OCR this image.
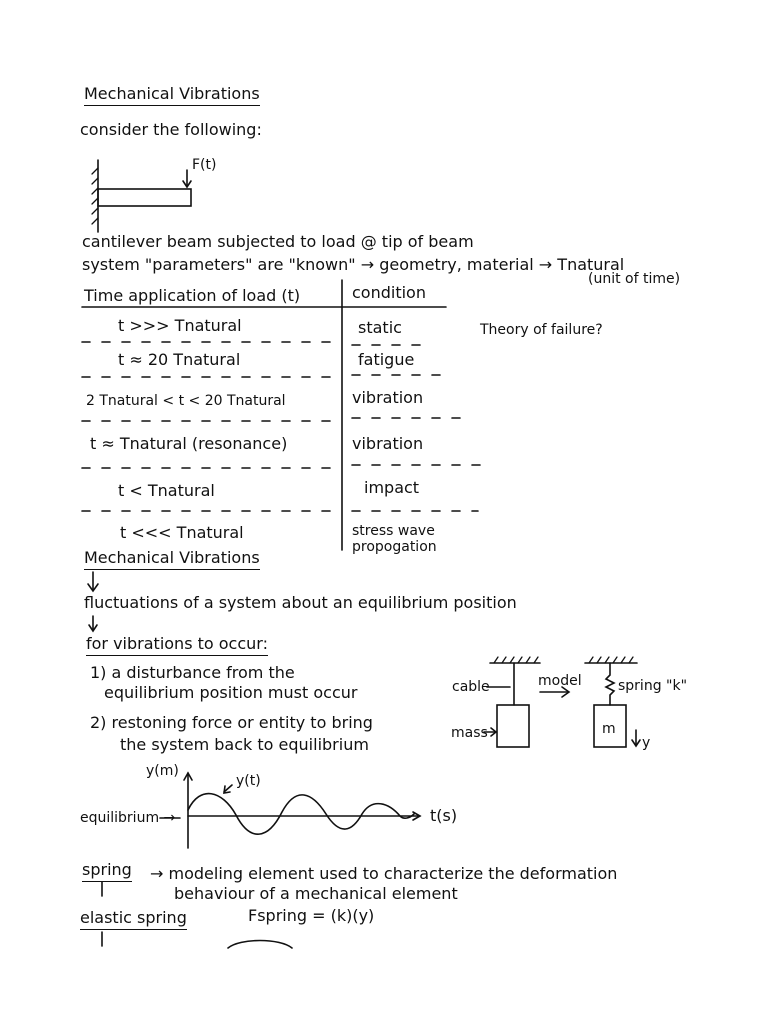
Mechanical Vibrations
consider the following:
F(t)
cantilever beam subjected to load @ tip of beam
system "parameters" are "known" → geometry, material → Tnatural
(unit of time)
Time application of load (t)	condition
t >>> Tnatural	static
t ≈ 20 Tnatural	fatigue
2 Tnatural < t < 20 Tnatural	vibration
t ≈ Tnatural (resonance)	vibration
t < Tnatural	impact
t <<< Tnatural	stress wave propogation
Theory of failure?
Mechanical Vibrations
fluctuations of a system about an equilibrium position
for vibrations to occur:
1) a disturbance from the
equilibrium position must occur
2) restoning force or entity to bring
the system back to equilibrium
cable
mass
model	spring "k"
m
y
y(m)
y(t)
equilibrium →	t(s)
spring → modeling element used to characterize the deformation
behaviour of a mechanical element
elastic spring	Fspring = (k)(y)
